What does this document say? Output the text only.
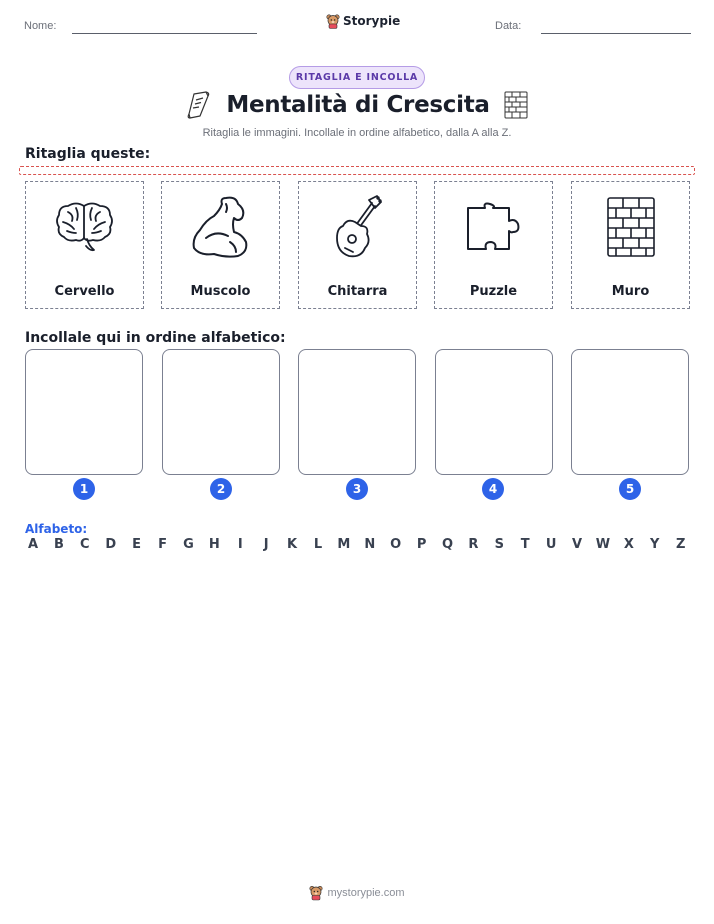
Nome:	Storypie	Data:
RITAGLIA E INCOLLA
Mentalità di Crescita
Ritaglia le immagini. Incollale in ordine alfabetico, dalla A alla Z.
Ritaglia queste:
Cervello	Muscolo	Chitarra	Puzzle	Muro
Incollale qui in ordine alfabetico:
1	2	3	4	5
Alfabeto:
A B C D E F G H	I	J	K L M N O P Q R S T U V W X Y Z
mystorypie.com
